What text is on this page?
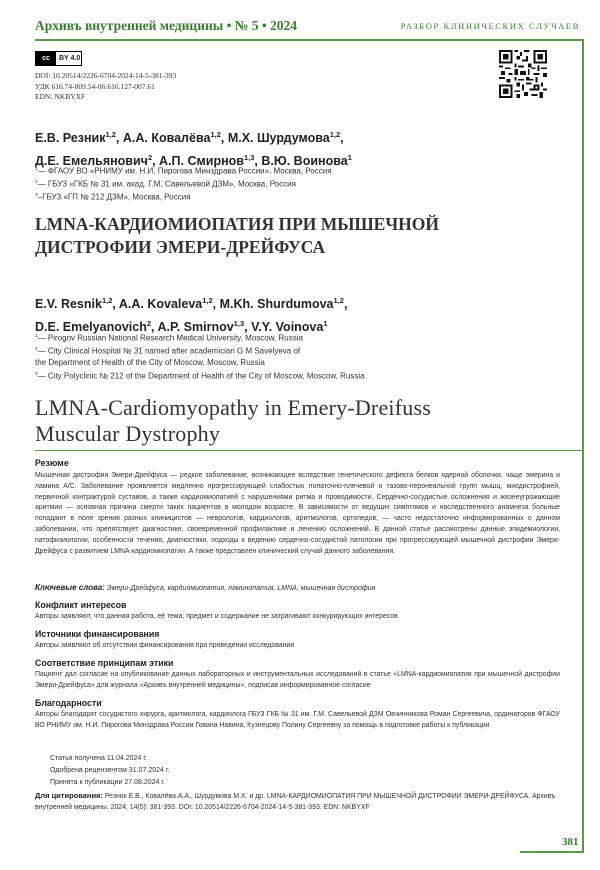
Архивъ внутренней медицины • № 5 • 2024	РАЗБОР КЛИНИЧЕСКИХ СЛУЧАЕВ
cc	BY 4.0
DOI: 10.20514/2226-6704-2024-14-5-381-393
УДК 616.74-009.54-06:616.127-007.61
EDN: NKBYXF
Е.В. Резник$^{1,2}$, А.А. Ковалёва$^{1,2}$, М.Х. Шурдумова$^{1,2}$,
Д.Е. Емельянович$^2$, А.П. Смирнов$^{1,3}$, В.Ю. Воинова$^1$
$^1$— ФГАОУ ВО «РНИМУ им. Н.И. Пирогова Минздрава России», Москва, Россия
$^2$— ГБУЗ «ГКБ № 31 им. акад. Г.М. Савельевой ДЗМ», Москва, Россия
$^3$–ГБУЗ «ГП № 212 ДЗМ», Москва, Россия
LMNA-КАРДИОМИОПАТИЯ ПРИ МЫШЕЧНОЙ ДИСТРОФИИ ЭМЕРИ-ДРЕЙФУСА
E.V. Resnik$^{1,2}$, A.A. Kovaleva$^{1,2}$, M.Kh. Shurdumova$^{1,2}$,
D.E. Emelyanovich$^2$, A.P. Smirnov$^{1,3}$, V.Y. Voinova$^1$
$^1$— Pirogov Russian National Research Medical University, Moscow, Russia
$^2$— City Clinical Hospital № 31 named after academician G M Savelyeva of
the Department of Health of the City of Moscow, Moscow, Russia
$^3$— City Polyclinic № 212 of the Department of Health of the City of Moscow, Moscow, Russia
LMNA-Cardiomyopathy in Emery-Dreifuss Muscular Dystrophy
Резюме
Мышечная дистрофия Эмери-Дрейфуса — редкое заболевание, возникающее вследствие генетического дефекта белков ядерной оболочки, чаще эмерина и ламина А/С. Заболевание проявляется медленно прогрессирующей слабостью лопаточно-плечевой и тазово-перонеальной групп мышц, миодистрофией, первичной контрактурой суставов, а также кардиомиопатией с нарушениями ритма и проводимости. Сердечно-сосудистые осложнения и жизнеугрожающие аритмии — основная причина смерти таких пациентов в молодом возрасте. В зависимости от ведущих симптомов и наследственного анамнеза больные попадают в поле зрения разных клиницистов — неврологов, кардиологов, аритмологов, ортопедов, — часто недостаточно информированных о данном заболевании, что препятствует диагностике, своевременной профилактике и лечению осложнений. В данной статье рассмотрены данные эпидемиологии, патофизиологии, особенности течения, диагностики, подходы к ведению сердечно-сосудистой патологии при прогрессирующей мышечной дистрофии Эмери-Дрейфуса с развитием LMNA-кардиомиопатии. А также представлен клинический случай данного заболевания.
Ключевые слова: Эмери-Дрейфуса, кардиомиопатия, ламинопатия, LMNA, мышечная дистрофия
Конфликт интересов
Авторы заявляют, что данная работа, её тема, предмет и содержание не затрагивают конкурирующих интересов
Источники финансирования
Авторы заявляют об отсутствии финансирования при проведении исследования
Соответствие принципам этики
Пациент дал согласие на опубликование данных лабораторных и инструментальных исследований в статье «LMNA-кардиомиопатия при мышечной дистрофии Эмери-Дрейфуса» для журнала «Архивъ внутренней медицины», подписав информированное согласие
Благодарности
Авторы благодарят сосудистого хирурга, аритмолога, кардиолога ГБУЗ ГКБ № 31 им. Г.М. Савельевой ДЗМ Овчинникова Роман Сергеевича, ординаторов ФГАОУ ВО РНИМУ им. Н.И. Пирогова Минздрава России Гована Навина, Кузнецову Полину Сергеевну за помощь в подготовке работы к публикации
Статья получена 11.04.2024 г.
Одобрена рецензентом 31.07.2024 г.
Принята к публикации 27.08.2024 г.
Для цитирования: Резник Е.В., Ковалёва А.А., Шурдумова М.Х. и др. LMNA-КАРДИОМИОПАТИЯ ПРИ МЫШЕЧНОЙ ДИСТРОФИИ ЭМЕРИ-ДРЕЙФУСА. Архивъ внутренней медицины. 2024; 14(5): 381-393. DOI: 10.20514/2226-6704-2024-14-5-381-393. EDN: NKBYXF
381
